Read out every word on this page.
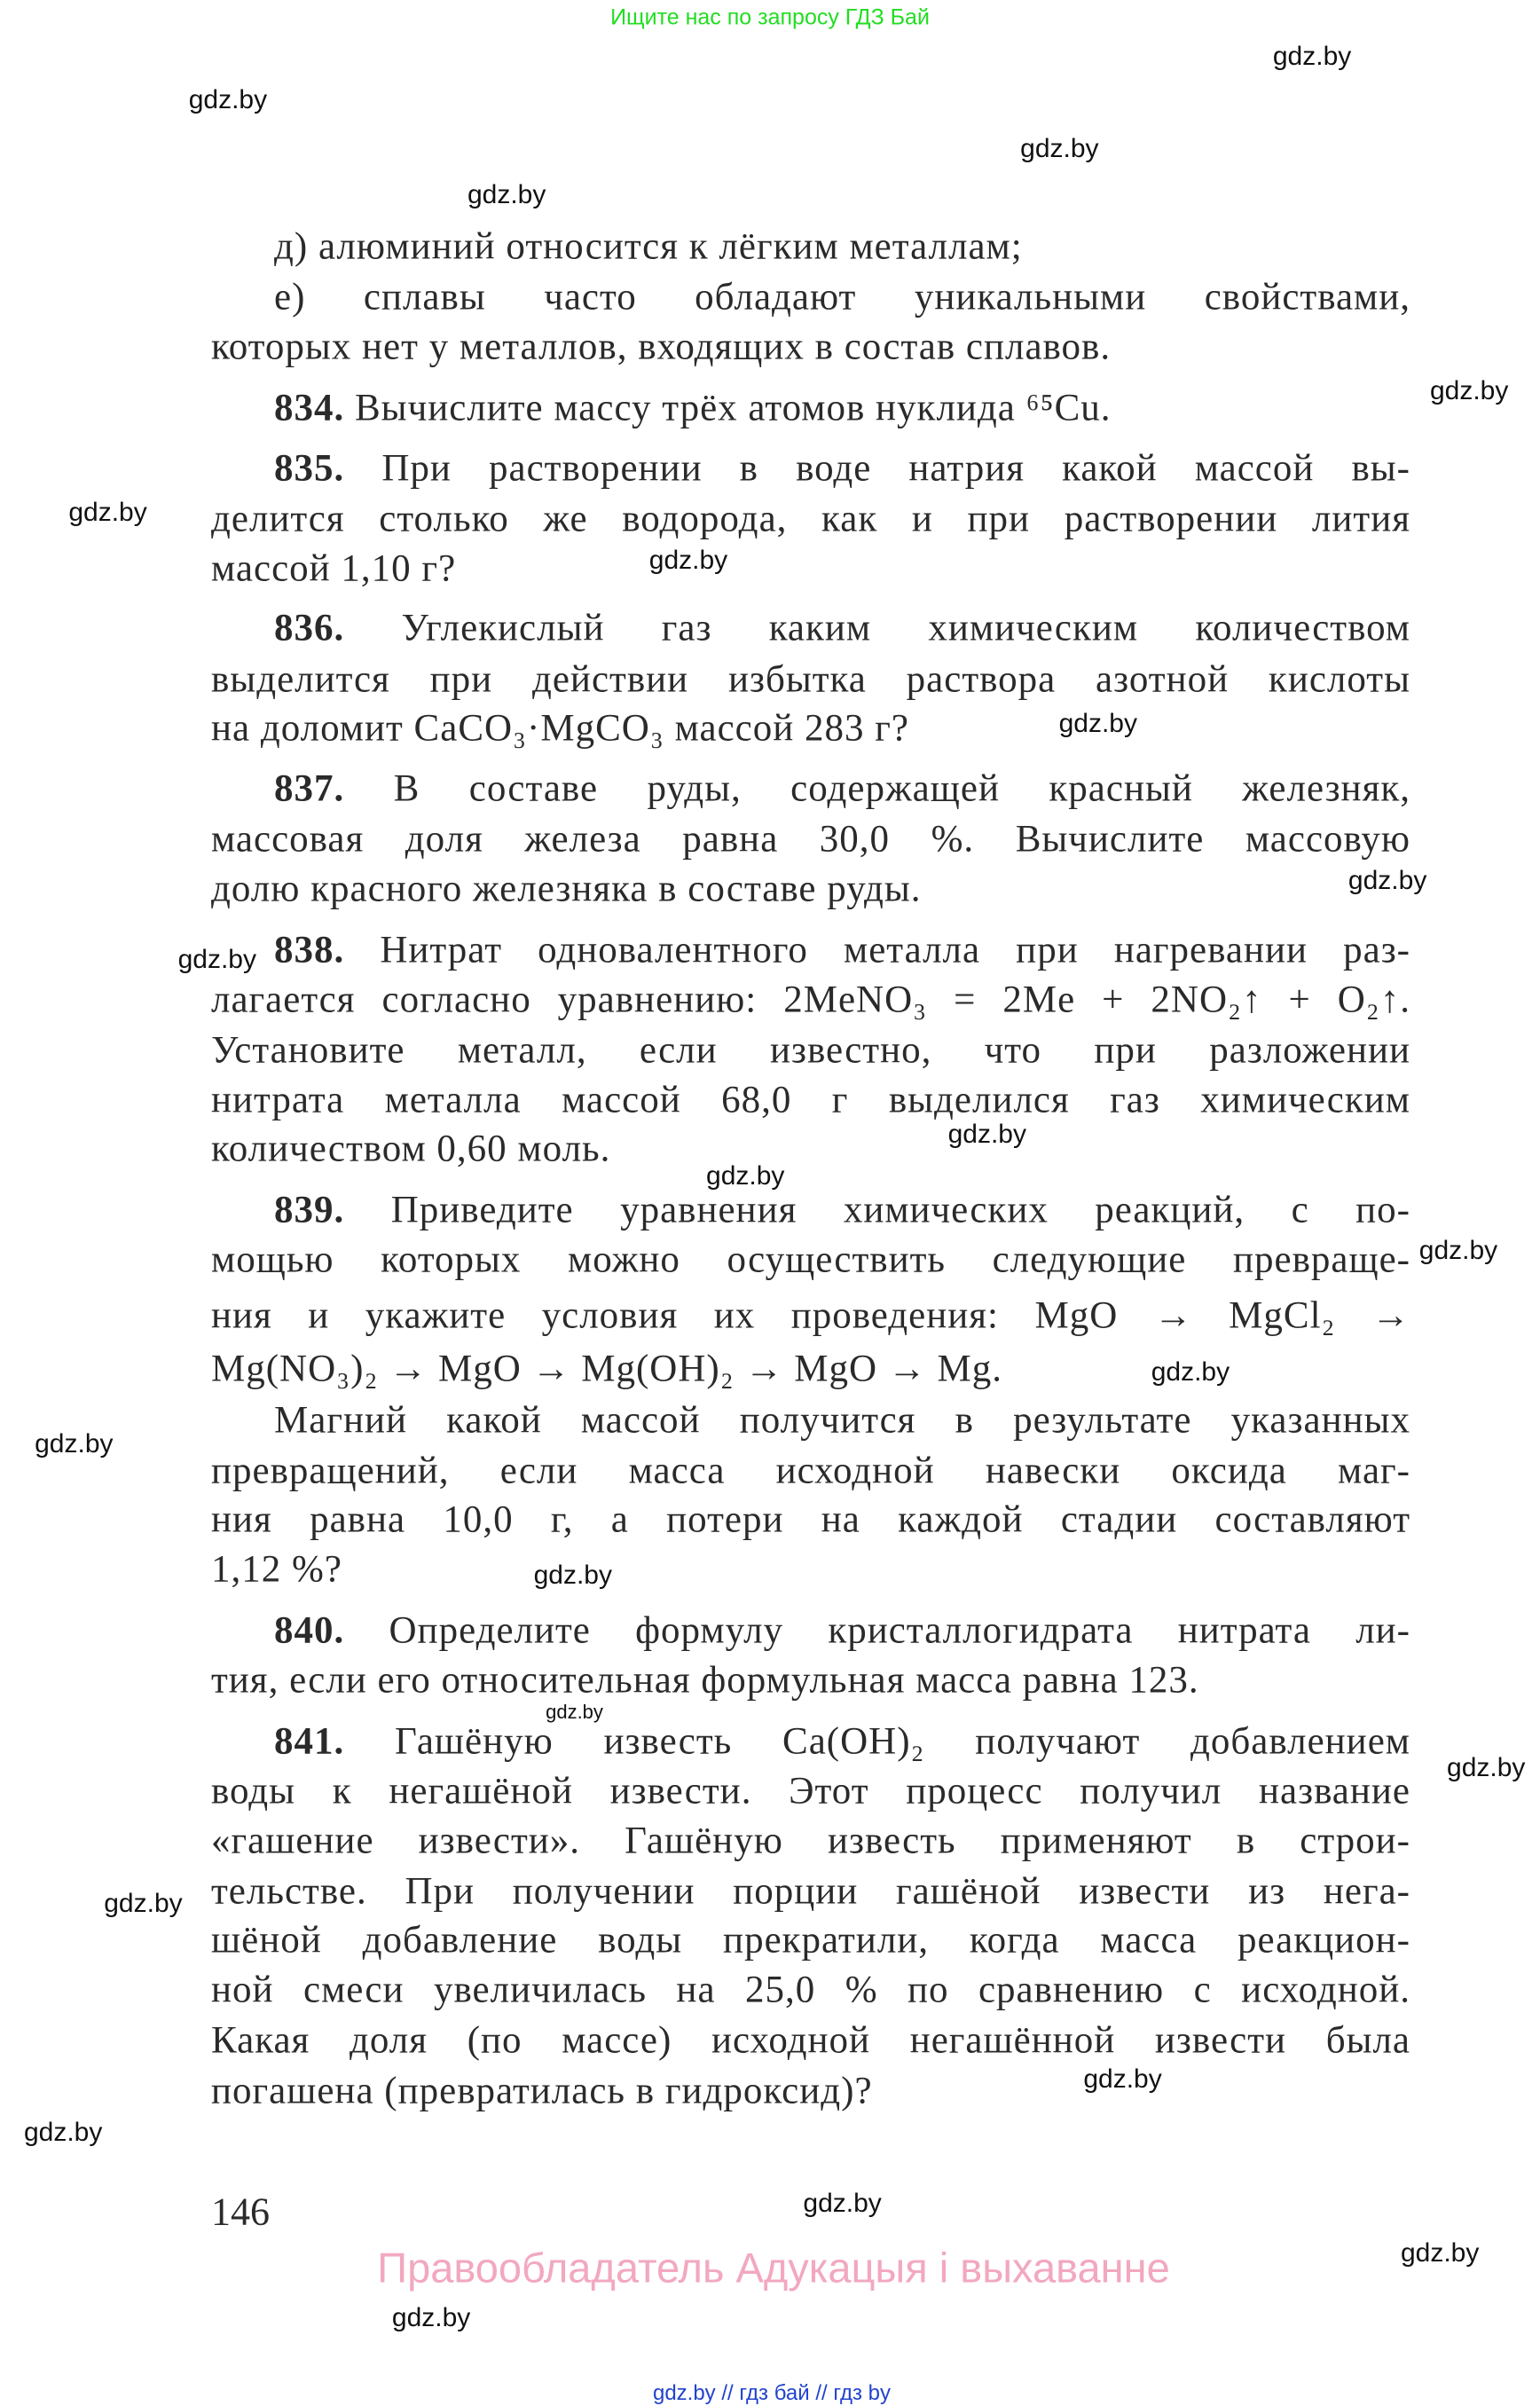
Ищите нас по запросу ГДЗ Бай
д) алюминий относится к лёгким металлам;
е) сплавы часто обладают уникальными свойствами,
которых нет у металлов, входящих в состав сплавов.
834. Вычислите массу трёх атомов нуклида ⁶⁵Cu.
835. При растворении в воде натрия какой массой вы-
делится столько же водорода, как и при растворении лития
массой 1,10 г?
836. Углекислый газ каким химическим количеством
выделится при действии избытка раствора азотной кислоты
на доломит CaCO₃·MgCO₃ массой 283 г?
837. В составе руды, содержащей красный железняк,
массовая доля железа равна 30,0 %. Вычислите массовую
долю красного железняка в составе руды.
838. Нитрат одновалентного металла при нагревании раз-
лагается согласно уравнению: 2MeNO₃ = 2Me + 2NO₂↑ + O₂↑.
Установите металл, если известно, что при разложении
нитрата металла массой 68,0 г выделился газ химическим
количеством 0,60 моль.
839. Приведите уравнения химических реакций, с по-
мощью которых можно осуществить следующие превраще-
ния и укажите условия их проведения: MgO → MgCl₂ →
Mg(NO₃)₂ → MgO → Mg(OH)₂ → MgO → Mg.
Магний какой массой получится в результате указанных
превращений, если масса исходной навески оксида маг-
ния равна 10,0 г, а потери на каждой стадии составляют
1,12 %?
840. Определите формулу кристаллогидрата нитрата ли-
тия, если его относительная формульная масса равна 123.
841. Гашёную известь Ca(OH)₂ получают добавлением
воды к негашёной извести. Этот процесс получил название
«гашение извести». Гашёную известь применяют в строи-
тельстве. При получении порции гашёной извести из нега-
шёной добавление воды прекратили, когда масса реакцион-
ной смеси увеличилась на 25,0 % по сравнению с исходной.
Какая доля (по массе) исходной негашённой извести была
погашена (превратилась в гидроксид)?
gdz.by
gdz.by
gdz.by
gdz.by
gdz.by
gdz.by
gdz.by
gdz.by
gdz.by
gdz.by
gdz.by
gdz.by
gdz.by
gdz.by
gdz.by
gdz.by
gdz.by
gdz.by
gdz.by
gdz.by
gdz.by
gdz.by
gdz.by
gdz.by
146
Правообладатель Адукацыя і выхаванне
gdz.by // гдз бай // гдз by
